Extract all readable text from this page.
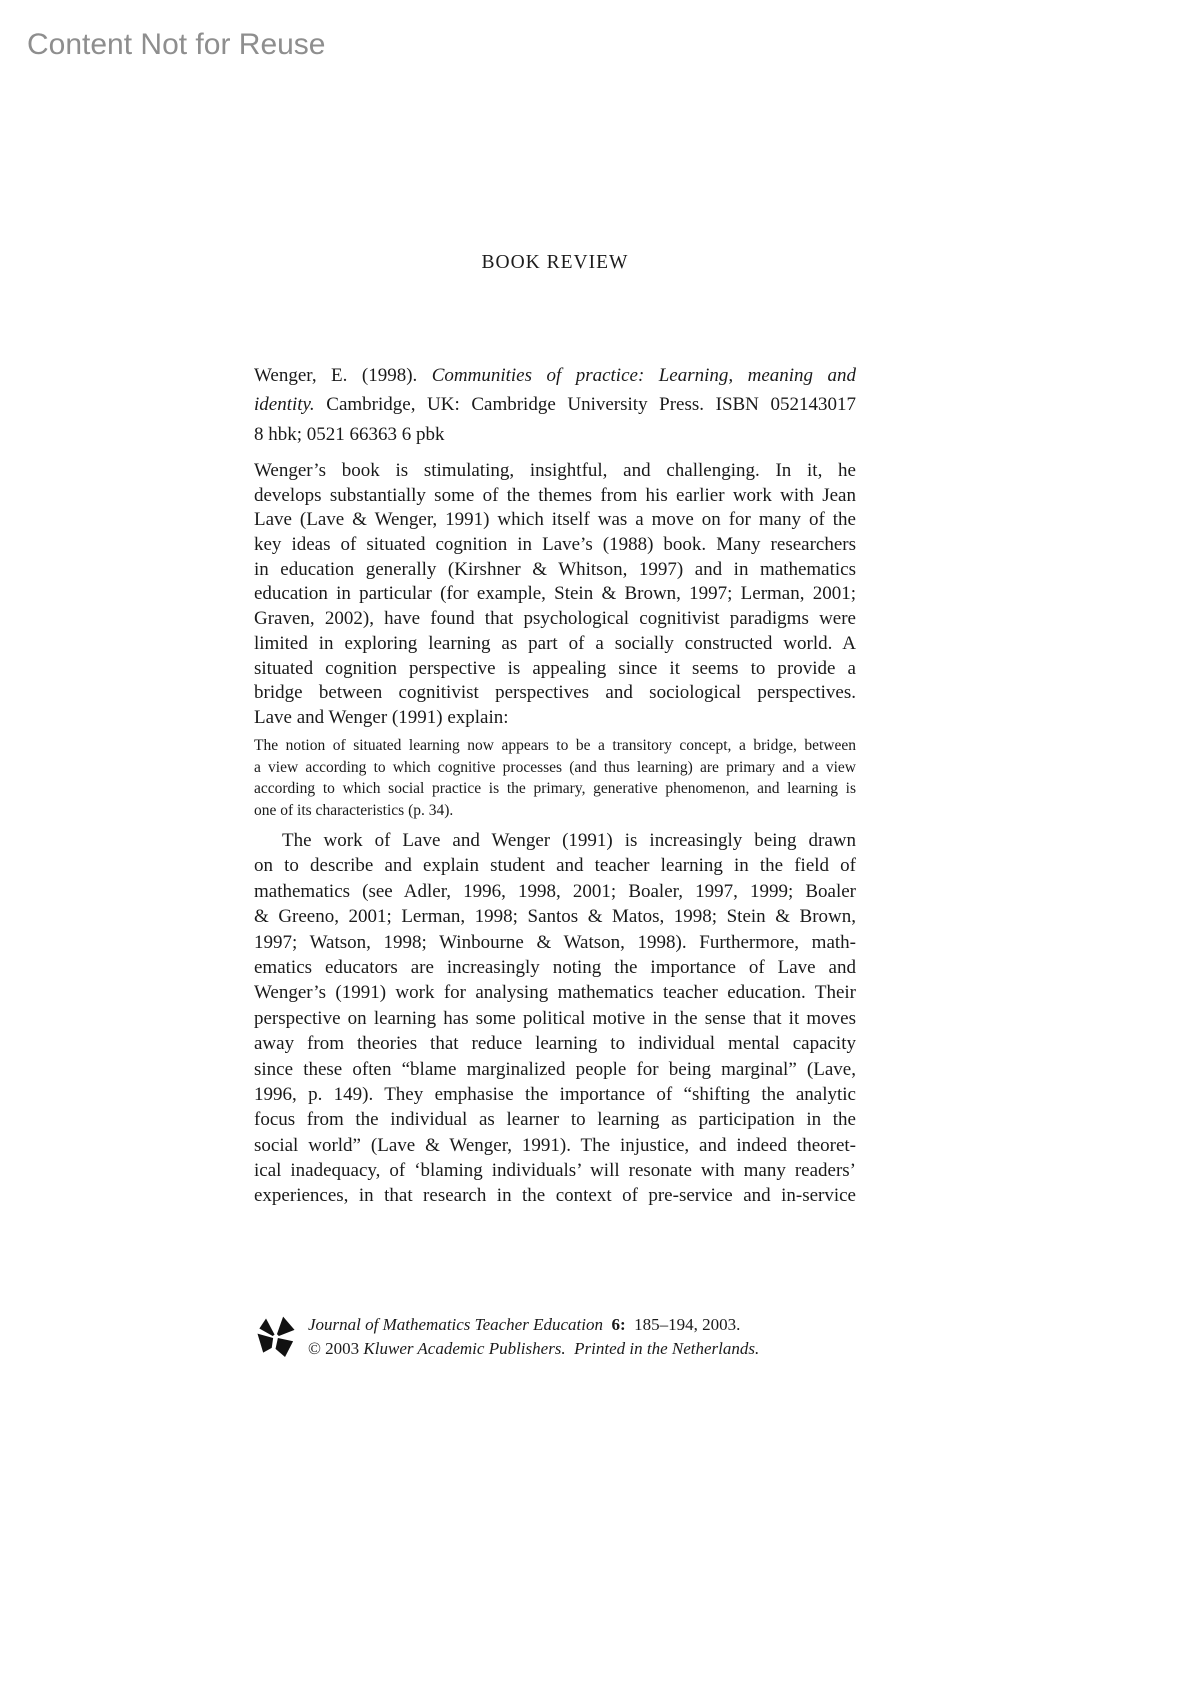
Content Not for Reuse
BOOK REVIEW
Wenger, E. (1998). Communities of practice: Learning, meaning and
identity. Cambridge, UK: Cambridge University Press. ISBN 052143017
8 hbk; 0521 66363 6 pbk
Wenger’s book is stimulating, insightful, and challenging. In it, he
develops substantially some of the themes from his earlier work with Jean
Lave (Lave & Wenger, 1991) which itself was a move on for many of the
key ideas of situated cognition in Lave’s (1988) book. Many researchers
in education generally (Kirshner & Whitson, 1997) and in mathematics
education in particular (for example, Stein & Brown, 1997; Lerman, 2001;
Graven, 2002), have found that psychological cognitivist paradigms were
limited in exploring learning as part of a socially constructed world. A
situated cognition perspective is appealing since it seems to provide a
bridge between cognitivist perspectives and sociological perspectives.
Lave and Wenger (1991) explain:
The notion of situated learning now appears to be a transitory concept, a bridge, between
a view according to which cognitive processes (and thus learning) are primary and a view
according to which social practice is the primary, generative phenomenon, and learning is
one of its characteristics (p. 34).
The work of Lave and Wenger (1991) is increasingly being drawn
on to describe and explain student and teacher learning in the field of
mathematics (see Adler, 1996, 1998, 2001; Boaler, 1997, 1999; Boaler
& Greeno, 2001; Lerman, 1998; Santos & Matos, 1998; Stein & Brown,
1997; Watson, 1998; Winbourne & Watson, 1998). Furthermore, math-
ematics educators are increasingly noting the importance of Lave and
Wenger’s (1991) work for analysing mathematics teacher education. Their
perspective on learning has some political motive in the sense that it moves
away from theories that reduce learning to individual mental capacity
since these often “blame marginalized people for being marginal” (Lave,
1996, p. 149). They emphasise the importance of “shifting the analytic
focus from the individual as learner to learning as participation in the
social world” (Lave & Wenger, 1991). The injustice, and indeed theoret-
ical inadequacy, of ‘blaming individuals’ will resonate with many readers’
experiences, in that research in the context of pre-service and in-service
Journal of Mathematics Teacher Education 6:  185–194, 2003.
© 2003 Kluwer Academic Publishers. Printed in the Netherlands.
